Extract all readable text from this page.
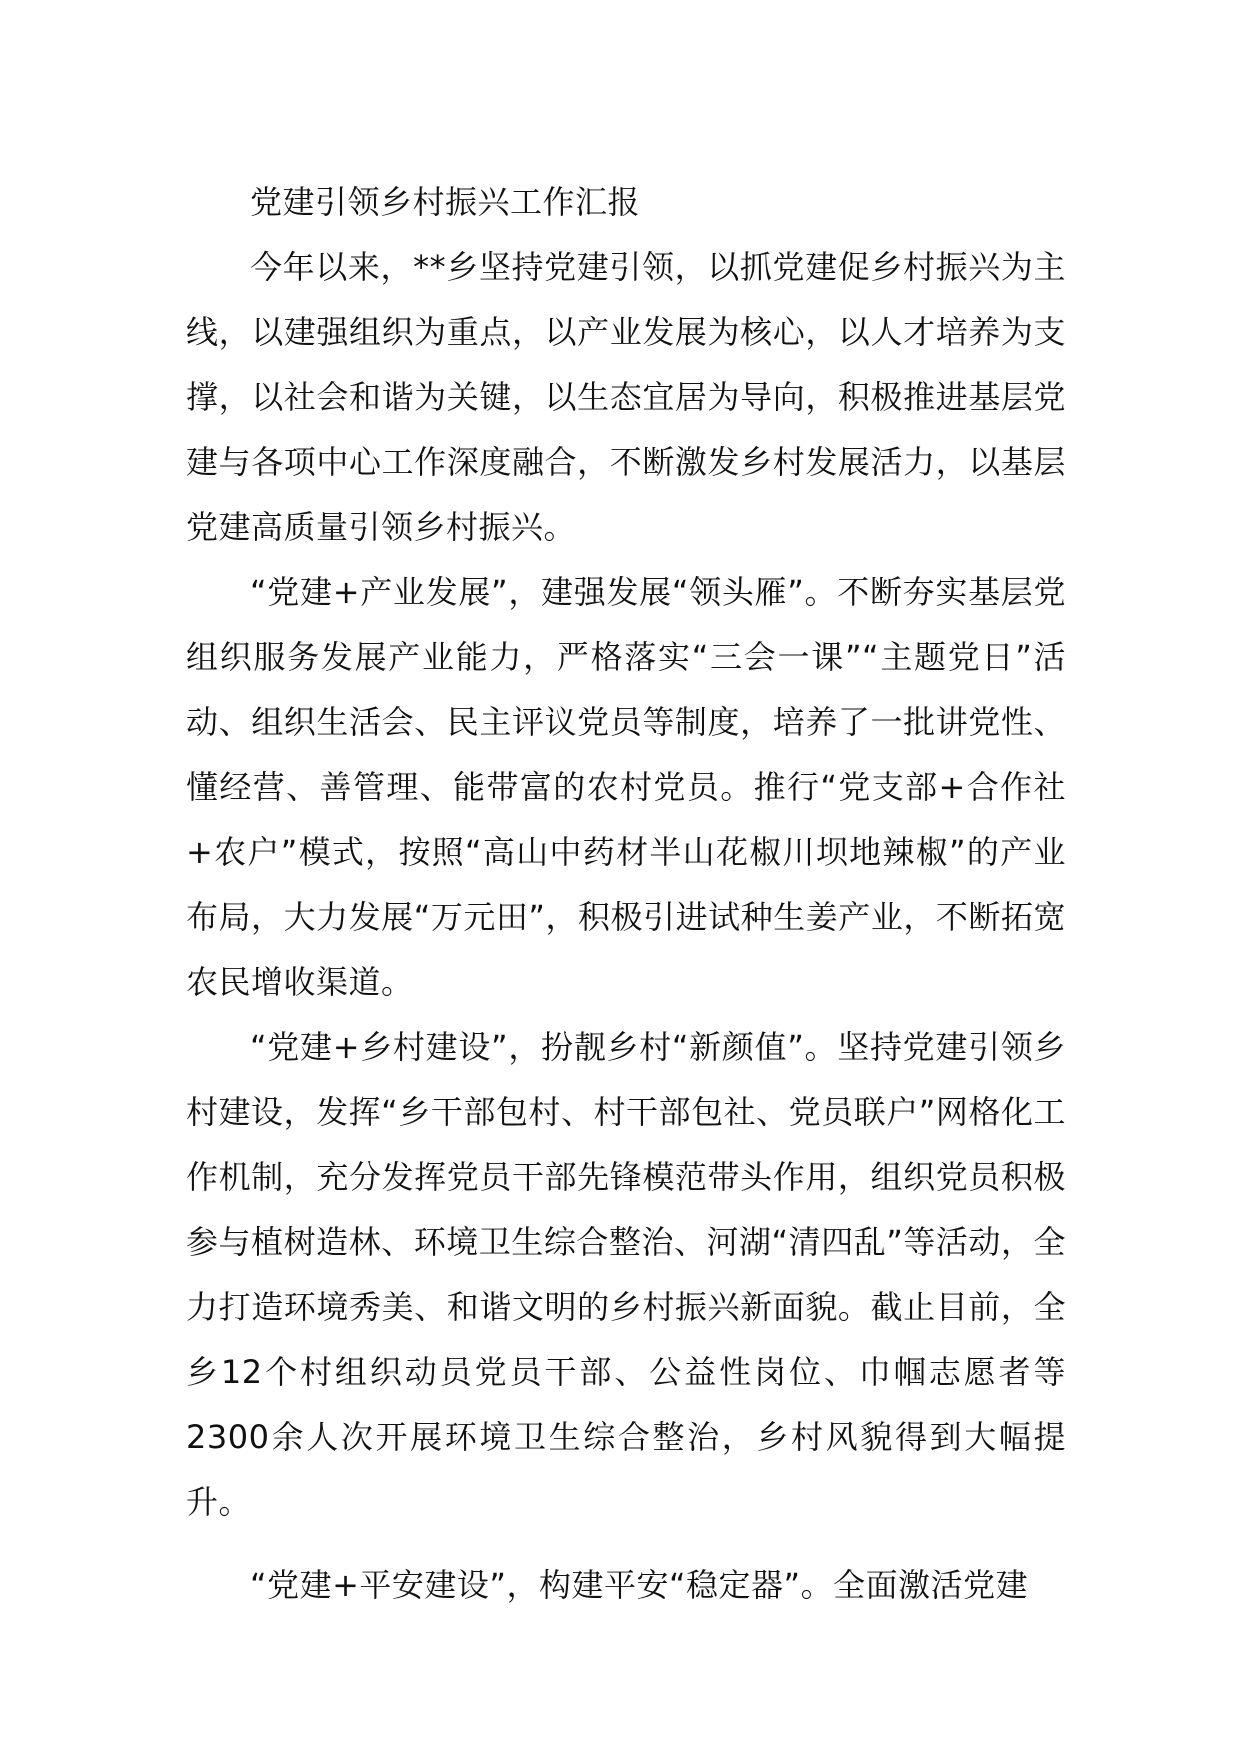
党建引领乡村振兴工作汇报

今年以来，**乡坚持党建引领，以抓党建促乡村振兴为主线，以建强组织为重点，以产业发展为核心，以人才培养为支撑，以社会和谐为关键，以生态宜居为导向，积极推进基层党建与各项中心工作深度融合，不断激发乡村发展活力，以基层党建高质量引领乡村振兴。

“党建+产业发展”，建强发展“领头雁”。不断夯实基层党组织服务发展产业能力，严格落实“三会一课”“主题党日”活动、组织生活会、民主评议党员等制度，培养了一批讲党性、懂经营、善管理、能带富的农村党员。推行“党支部+合作社+农户”模式，按照“高山中药材半山花椒川坝地辣椒”的产业布局，大力发展“万元田”，积极引进试种生姜产业，不断拓宽农民增收渠道。

“党建+乡村建设”，扮靓乡村“新颜值”。坚持党建引领乡村建设，发挥“乡干部包村、村干部包社、党员联户”网格化工作机制，充分发挥党员干部先锋模范带头作用，组织党员积极参与植树造林、环境卫生综合整治、河湖“清四乱”等活动，全力打造环境秀美、和谐文明的乡村振兴新面貌。截止目前，全乡12个村组织动员党员干部、公益性岗位、巾帼志愿者等2300余人次开展环境卫生综合整治，乡村风貌得到大幅提升。

“党建+平安建设”，构建平安“稳定器”。全面激活党建
